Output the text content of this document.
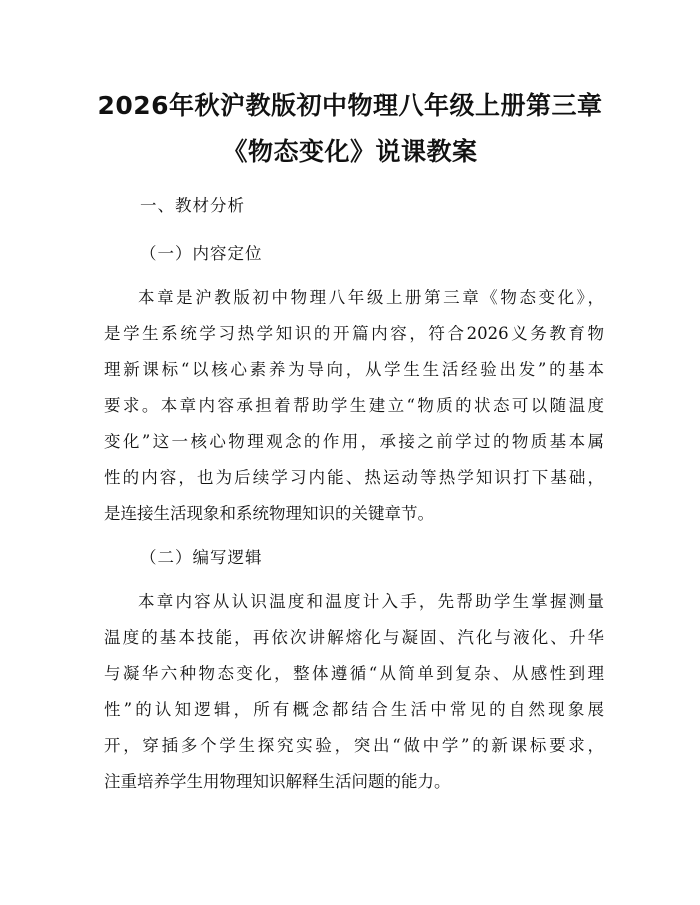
2026年秋沪教版初中物理八年级上册第三章
《物态变化》说课教案
一、教材分析
（一）内容定位
本章是沪教版初中物理八年级上册第三章《物态变化》，
是学生系统学习热学知识的开篇内容，符合2026义务教育物
理新课标“以核心素养为导向，从学生生活经验出发”的基本
要求。本章内容承担着帮助学生建立“物质的状态可以随温度
变化”这一核心物理观念的作用，承接之前学过的物质基本属
性的内容，也为后续学习内能、热运动等热学知识打下基础，
是连接生活现象和系统物理知识的关键章节。
（二）编写逻辑
本章内容从认识温度和温度计入手，先帮助学生掌握测量
温度的基本技能，再依次讲解熔化与凝固、汽化与液化、升华
与凝华六种物态变化，整体遵循“从简单到复杂、从感性到理
性”的认知逻辑，所有概念都结合生活中常见的自然现象展
开，穿插多个学生探究实验，突出“做中学”的新课标要求，
注重培养学生用物理知识解释生活问题的能力。
